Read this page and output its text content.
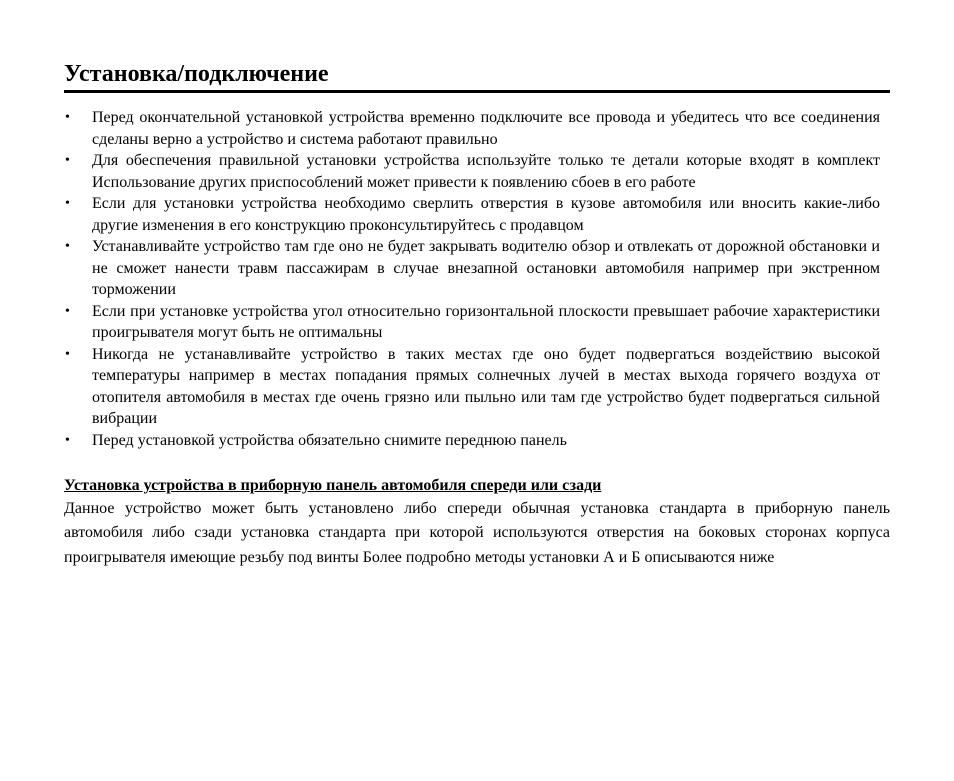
Установка/подключение
•	Перед окончательной установкой устройства временно подключите все провода и убедитесь что все соединения сделаны верно а устройство и система работают правильно
•	Для обеспечения правильной установки устройства используйте только те детали которые входят в комплект Использование других приспособлений может привести к появлению сбоев в его работе
•	Если для установки устройства необходимо сверлить отверстия в кузове автомобиля или вносить какие-либо другие изменения в его конструкцию проконсультируйтесь с продавцом
•	Устанавливайте устройство там где оно не будет закрывать водителю обзор и отвлекать от дорожной обстановки и не сможет нанести травм пассажирам в случае внезапной остановки автомобиля например при экстренном торможении
•	Если при установке устройства угол относительно горизонтальной плоскости превышает рабочие характеристики проигрывателя могут быть не оптимальны
•	Никогда не устанавливайте устройство в таких местах где оно будет подвергаться воздействию высокой температуры например в местах попадания прямых солнечных лучей в местах выхода горячего воздуха от отопителя автомобиля в местах где очень грязно или пыльно или там где устройство будет подвергаться сильной вибрации
•	Перед установкой устройства обязательно снимите переднюю панель
Установка устройства в приборную панель автомобиля спереди или сзади

Данное устройство может быть установлено либо спереди обычная установка стандарта в приборную панель автомобиля либо сзади установка стандарта при которой используются отверстия на боковых сторонах корпуса проигрывателя имеющие резьбу под винты Более подробно методы установки А и Б описываются ниже
